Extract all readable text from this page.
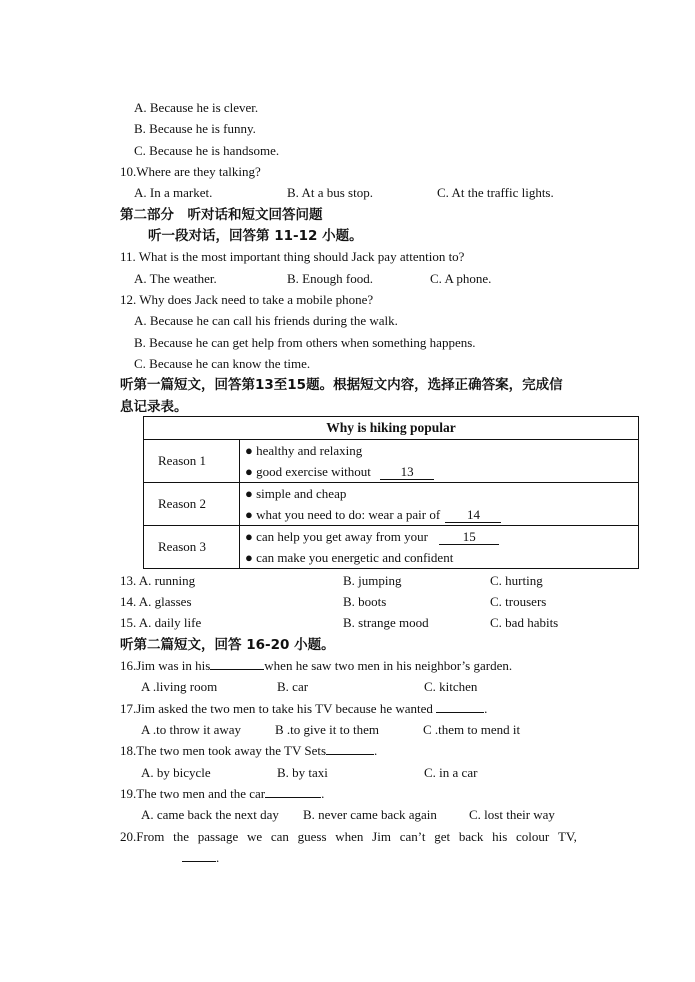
A. Because he is clever.
B. Because he is funny.
C. Because he is handsome.
10.Where are they talking?
A. In a market.	B. At a bus stop.	C. At the traffic lights.
第二部分　听对话和短文回答问题
听一段对话，回答第 11-12 小题。
11. What is the most important thing should Jack pay attention to?
A. The weather.	B. Enough food.	C. A phone.
12. Why does Jack need to take a mobile phone?
A. Because he can call his friends during the walk.
B. Because he can get help from others when something happens.
C. Because he can know the time.
听第一篇短文，回答第13至15题。根据短文内容，选择正确答案，完成信
息记录表。
Why is hiking popular	
Reason 1	● healthy and relaxing
● good exercise without 13

Reason 2	● simple and cheap
● what you need to do: wear a pair of 14

Reason 3	● can help you get away from your 15
● can make you energetic and confident
13. A. running	B. jumping	C. hurting
14. A. glasses	B. boots	C. trousers
15. A. daily life	B. strange mood	C. bad habits
听第二篇短文，回答 16-20 小题。
16.Jim was in his	when he saw two men in his neighbor’s garden.
A .living room	B. car	C. kitchen
17.Jim asked the two men to take his TV because he wanted	.
A .to throw it away	B .to give it to them	C .them to mend it
18.The two men took away the TV Sets	.
A. by bicycle	B. by taxi	C. in a car
19.The two men and the car	.
A. came back the next day B. never came back again C. lost their way
20.From the passage we can guess when Jim can’t get back his colour TV,
.
